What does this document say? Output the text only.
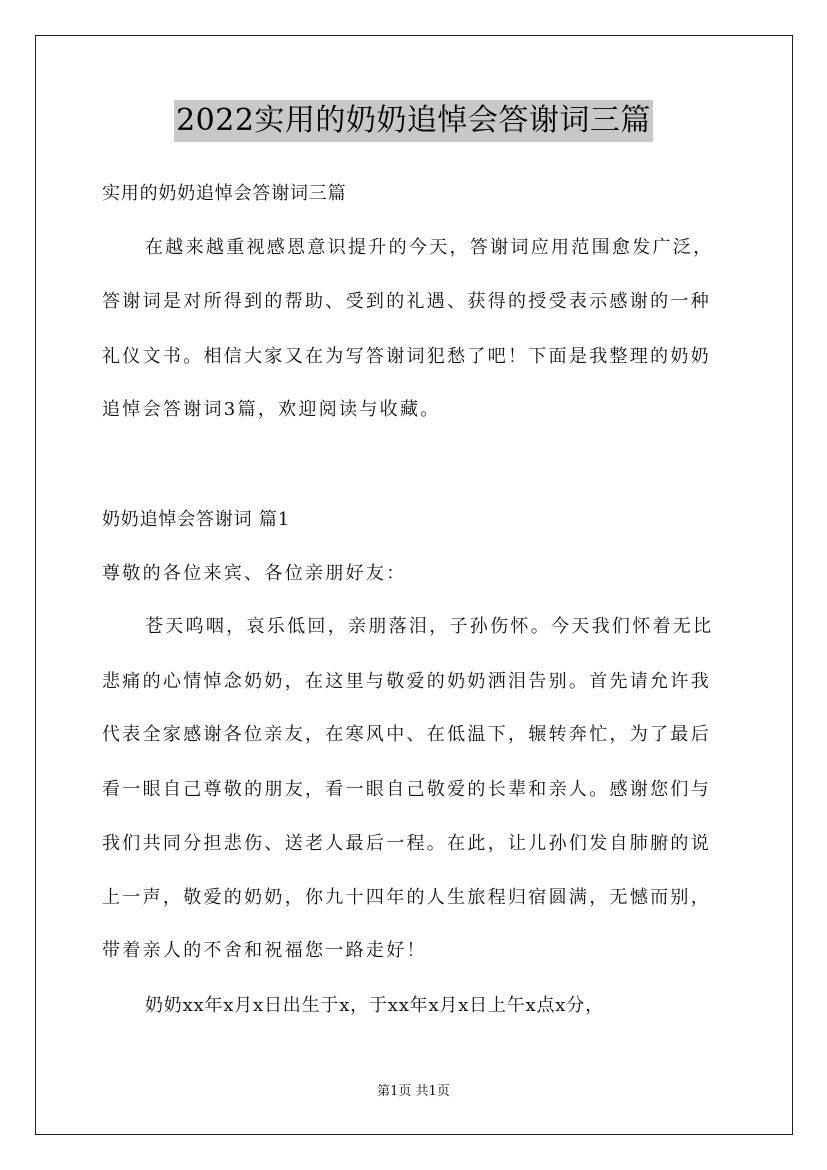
2022实用的奶奶追悼会答谢词三篇
实用的奶奶追悼会答谢词三篇
在越来越重视感恩意识提升的今天，答谢词应用范围愈发广泛，
答谢词是对所得到的帮助、受到的礼遇、获得的授受表示感谢的一种
礼仪文书。相信大家又在为写答谢词犯愁了吧！下面是我整理的奶奶
追悼会答谢词3篇，欢迎阅读与收藏。
奶奶追悼会答谢词 篇1
尊敬的各位来宾、各位亲朋好友：
苍天呜咽，哀乐低回，亲朋落泪，子孙伤怀。今天我们怀着无比
悲痛的心情悼念奶奶，在这里与敬爱的奶奶洒泪告别。首先请允许我
代表全家感谢各位亲友，在寒风中、在低温下，辗转奔忙，为了最后
看一眼自己尊敬的朋友，看一眼自己敬爱的长辈和亲人。感谢您们与
我们共同分担悲伤、送老人最后一程。在此，让儿孙们发自肺腑的说
上一声，敬爱的奶奶，你九十四年的人生旅程归宿圆满，无憾而别，
带着亲人的不舍和祝福您一路走好！
奶奶xx年x月x日出生于x，于xx年x月x日上午x点x分，
第1页 共1页
